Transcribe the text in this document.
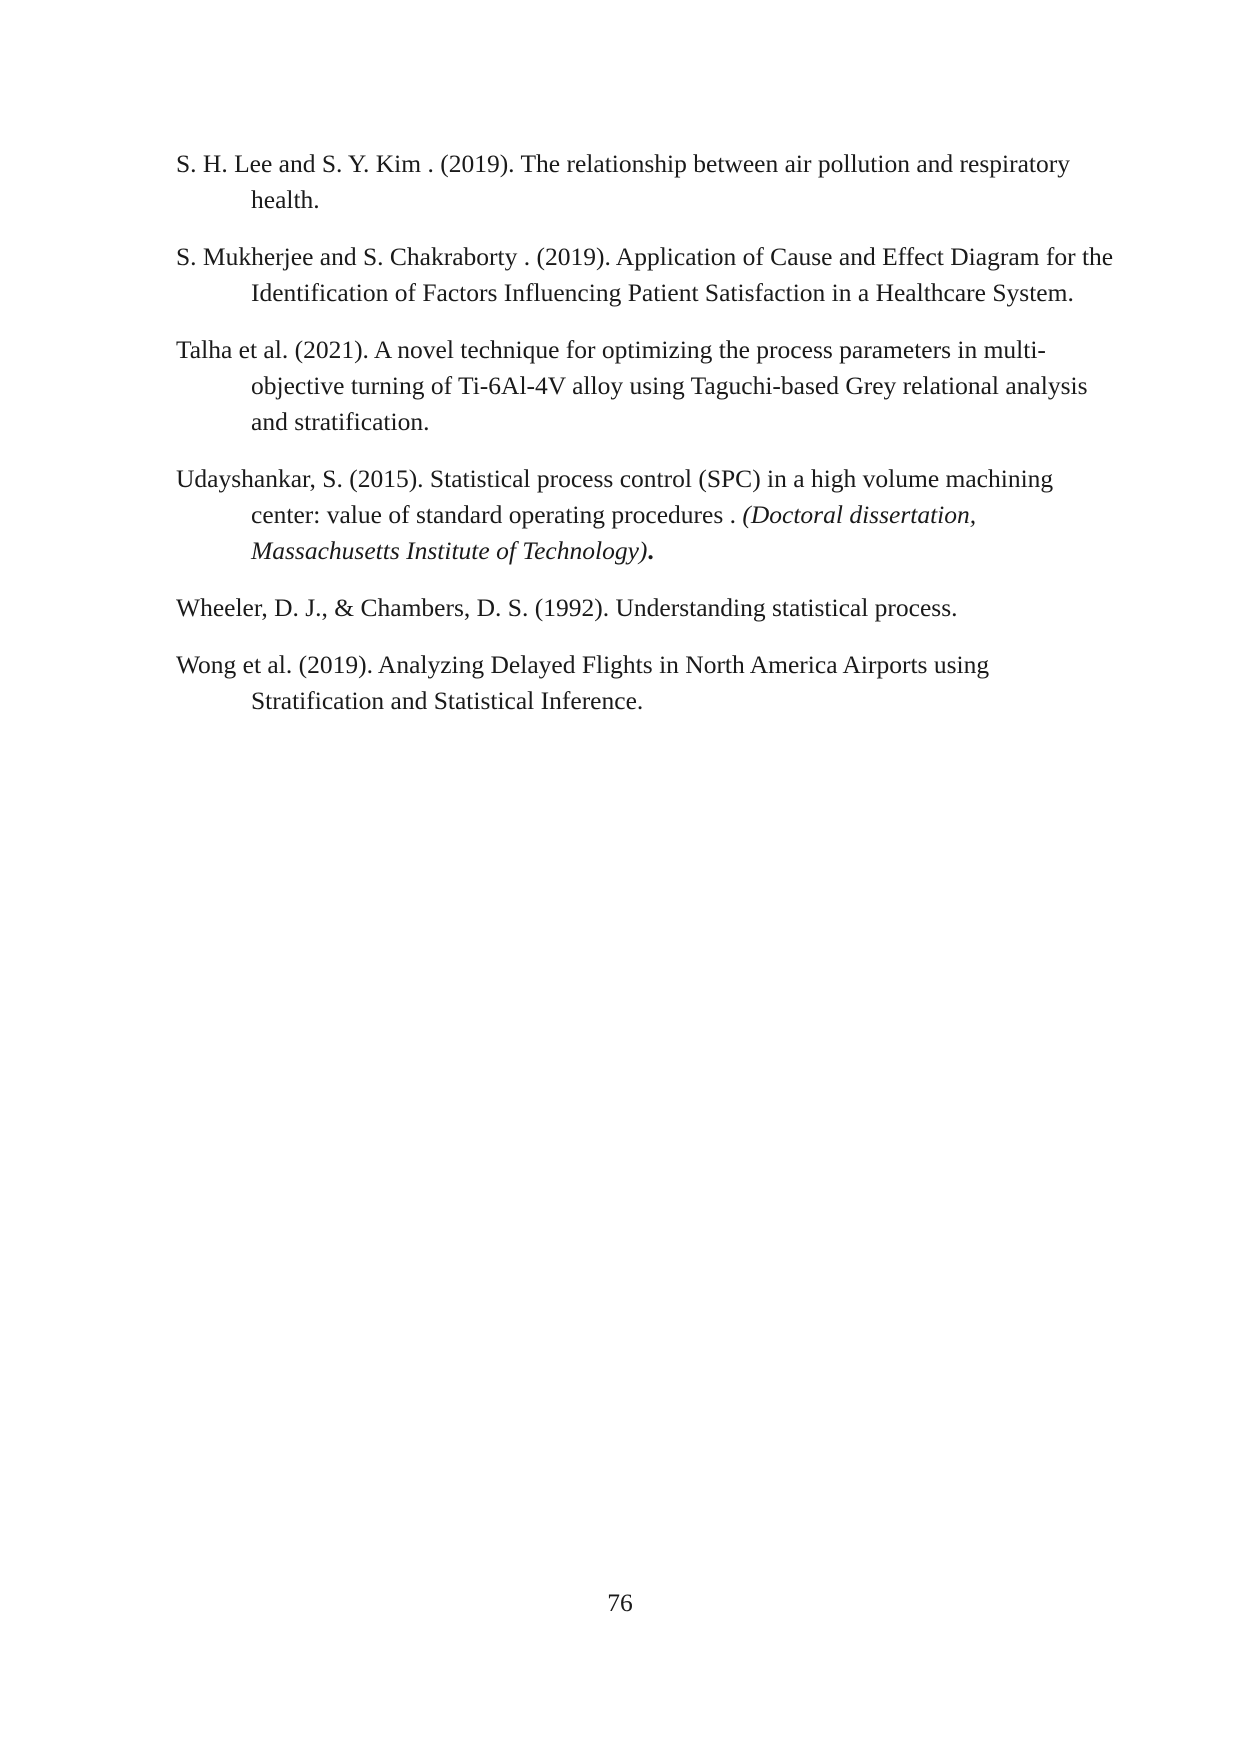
S. H. Lee and S. Y. Kim . (2019). The relationship between air pollution and respiratory health.

S. Mukherjee and S. Chakraborty . (2019). Application of Cause and Effect Diagram for the Identification of Factors Influencing Patient Satisfaction in a Healthcare System.

Talha et al. (2021). A novel technique for optimizing the process parameters in multi-objective turning of Ti-6Al-4V alloy using Taguchi-based Grey relational analysis and stratification.

Udayshankar, S. (2015). Statistical process control (SPC) in a high volume machining center: value of standard operating procedures . (Doctoral dissertation, Massachusetts Institute of Technology).

Wheeler, D. J., & Chambers, D. S. (1992). Understanding statistical process.

Wong et al. (2019). Analyzing Delayed Flights in North America Airports using Stratification and Statistical Inference.

76
